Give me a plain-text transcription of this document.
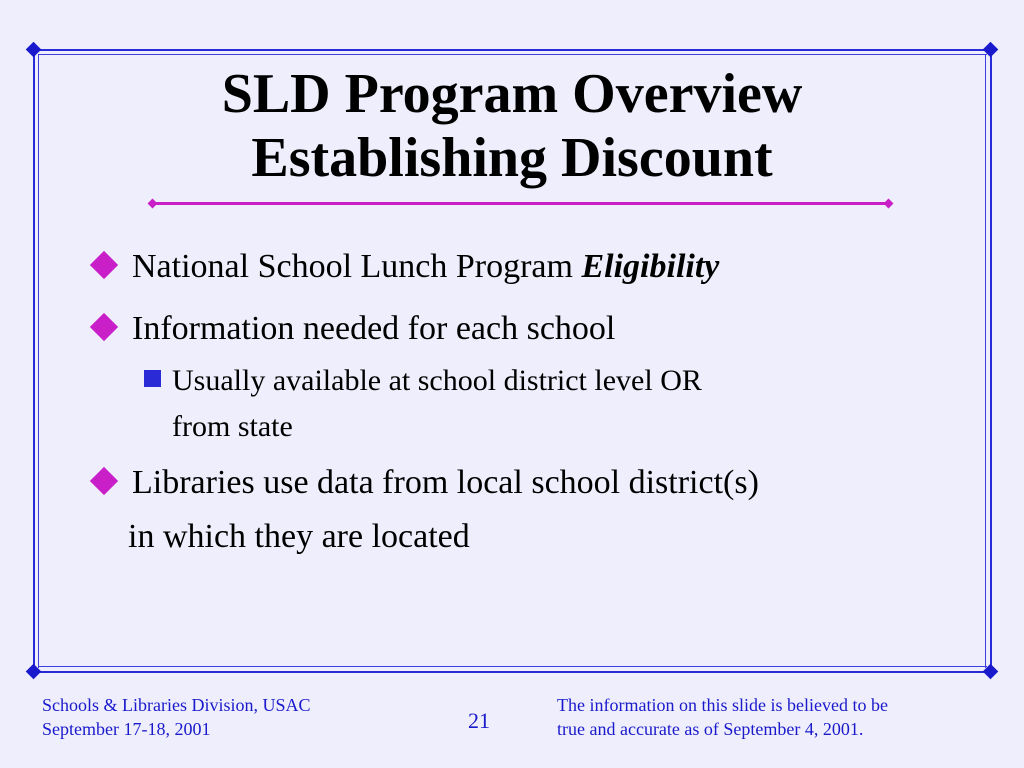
SLD Program Overview
Establishing Discount
National School Lunch Program Eligibility
Information needed for each school
Usually available at school district level OR
from state
Libraries use data from local school district(s)
in which they are located
Schools & Libraries Division, USAC
September 17-18, 2001	21
The information on this slide is believed to be
true and accurate as of September 4, 2001.
